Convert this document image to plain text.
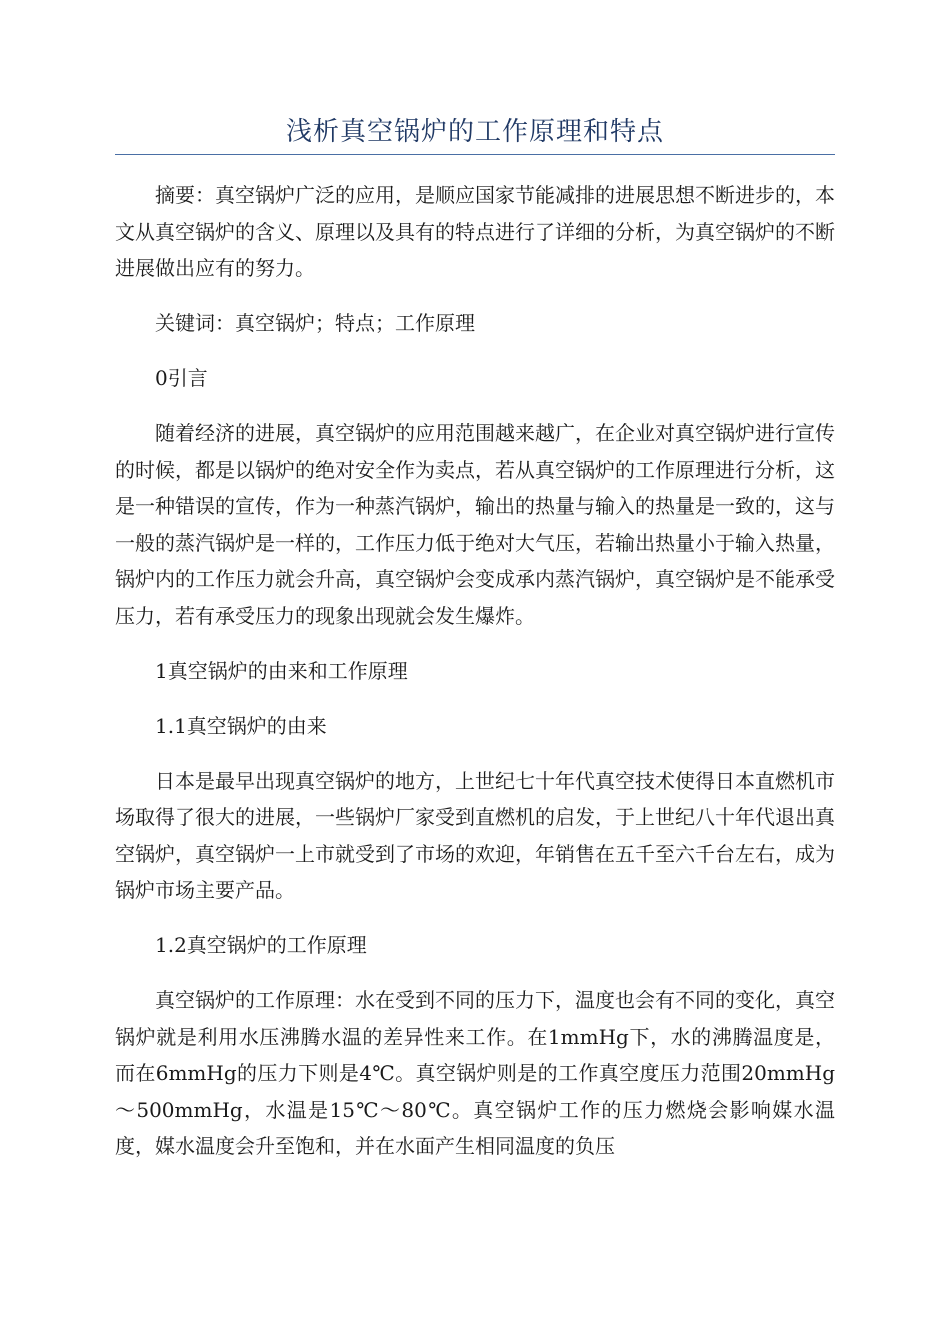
浅析真空锅炉的工作原理和特点

摘要：真空锅炉广泛的应用，是顺应国家节能减排的进展思想不断进步的，本文从真空锅炉的含义、原理以及具有的特点进行了详细的分析，为真空锅炉的不断进展做出应有的努力。

关键词：真空锅炉；特点；工作原理

0引言

随着经济的进展，真空锅炉的应用范围越来越广，在企业对真空锅炉进行宣传的时候，都是以锅炉的绝对安全作为卖点，若从真空锅炉的工作原理进行分析，这是一种错误的宣传，作为一种蒸汽锅炉，输出的热量与输入的热量是一致的，这与一般的蒸汽锅炉是一样的，工作压力低于绝对大气压，若输出热量小于输入热量，锅炉内的工作压力就会升高，真空锅炉会变成承内蒸汽锅炉，真空锅炉是不能承受压力，若有承受压力的现象出现就会发生爆炸。

1真空锅炉的由来和工作原理

1.1真空锅炉的由来

日本是最早出现真空锅炉的地方，上世纪七十年代真空技术使得日本直燃机市场取得了很大的进展，一些锅炉厂家受到直燃机的启发，于上世纪八十年代退出真空锅炉，真空锅炉一上市就受到了市场的欢迎，年销售在五千至六千台左右，成为锅炉市场主要产品。

1.2真空锅炉的工作原理

真空锅炉的工作原理：水在受到不同的压力下，温度也会有不同的变化，真空锅炉就是利用水压沸腾水温的差异性来工作。在1mmHg下，水的沸腾温度是，而在6mmHg的压力下则是4℃。真空锅炉则是的工作真空度压力范围20mmHg～500mmHg，水温是15℃～80℃。真空锅炉工作的压力燃烧会影响媒水温度，媒水温度会升至饱和，并在水面产生相同温度的负压
